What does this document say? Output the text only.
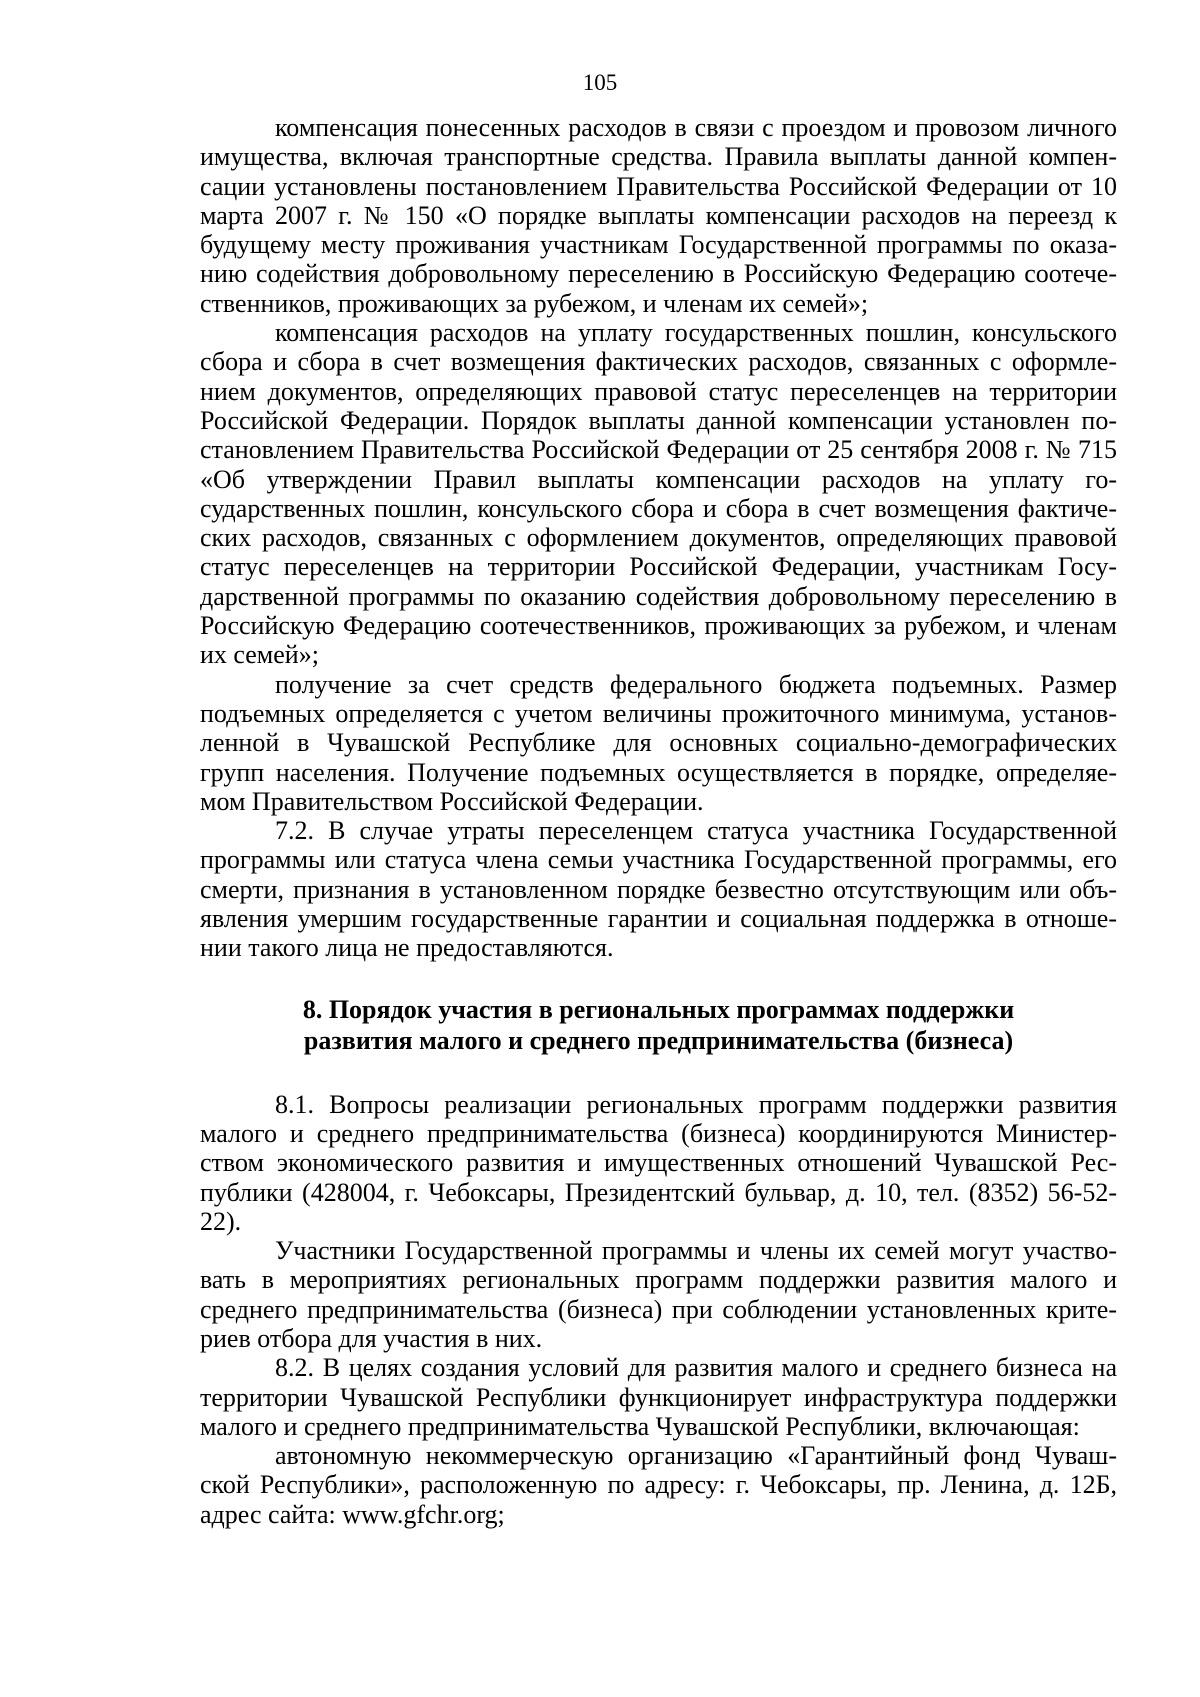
105

компенсация понесенных расходов в связи с проездом и провозом личного имущества, включая транспортные средства. Правила выплаты данной компенсации установлены постановлением Правительства Российской Федерации от 10 марта 2007 г. № 150 «О порядке выплаты компенсации расходов на переезд к будущему месту проживания участникам Государственной программы по оказанию содействия добровольному переселению в Российскую Федерацию соотечественников, проживающих за рубежом, и членам их семей»;

компенсация расходов на уплату государственных пошлин, консульского сбора и сбора в счет возмещения фактических расходов, связанных с оформлением документов, определяющих правовой статус переселенцев на территории Российской Федерации. Порядок выплаты данной компенсации установлен постановлением Правительства Российской Федерации от 25 сентября 2008 г. № 715 «Об утверждении Правил выплаты компенсации расходов на уплату государственных пошлин, консульского сбора и сбора в счет возмещения фактических расходов, связанных с оформлением документов, определяющих правовой статус переселенцев на территории Российской Федерации, участникам Государственной программы по оказанию содействия добровольному переселению в Российскую Федерацию соотечественников, проживающих за рубежом, и членам их семей»;

получение за счет средств федерального бюджета подъемных. Размер подъемных определяется с учетом величины прожиточного минимума, установленной в Чувашской Республике для основных социально-демографических групп населения. Получение подъемных осуществляется в порядке, определяемом Правительством Российской Федерации.

7.2. В случае утраты переселенцем статуса участника Государственной программы или статуса члена семьи участника Государственной программы, его смерти, признания в установленном порядке безвестно отсутствующим или объявления умершим государственные гарантии и социальная поддержка в отношении такого лица не предоставляются.

8. Порядок участия в региональных программах поддержки развития малого и среднего предпринимательства (бизнеса)

8.1. Вопросы реализации региональных программ поддержки развития малого и среднего предпринимательства (бизнеса) координируются Министерством экономического развития и имущественных отношений Чувашской Республики (428004, г. Чебоксары, Президентский бульвар, д. 10, тел. (8352) 56-52-22).

Участники Государственной программы и члены их семей могут участвовать в мероприятиях региональных программ поддержки развития малого и среднего предпринимательства (бизнеса) при соблюдении установленных критериев отбора для участия в них.

8.2. В целях создания условий для развития малого и среднего бизнеса на территории Чувашской Республики функционирует инфраструктура поддержки малого и среднего предпринимательства Чувашской Республики, включающая:

автономную некоммерческую организацию «Гарантийный фонд Чувашской Республики», расположенную по адресу: г. Чебоксары, пр. Ленина, д. 12Б, адрес сайта: www.gfchr.org;
